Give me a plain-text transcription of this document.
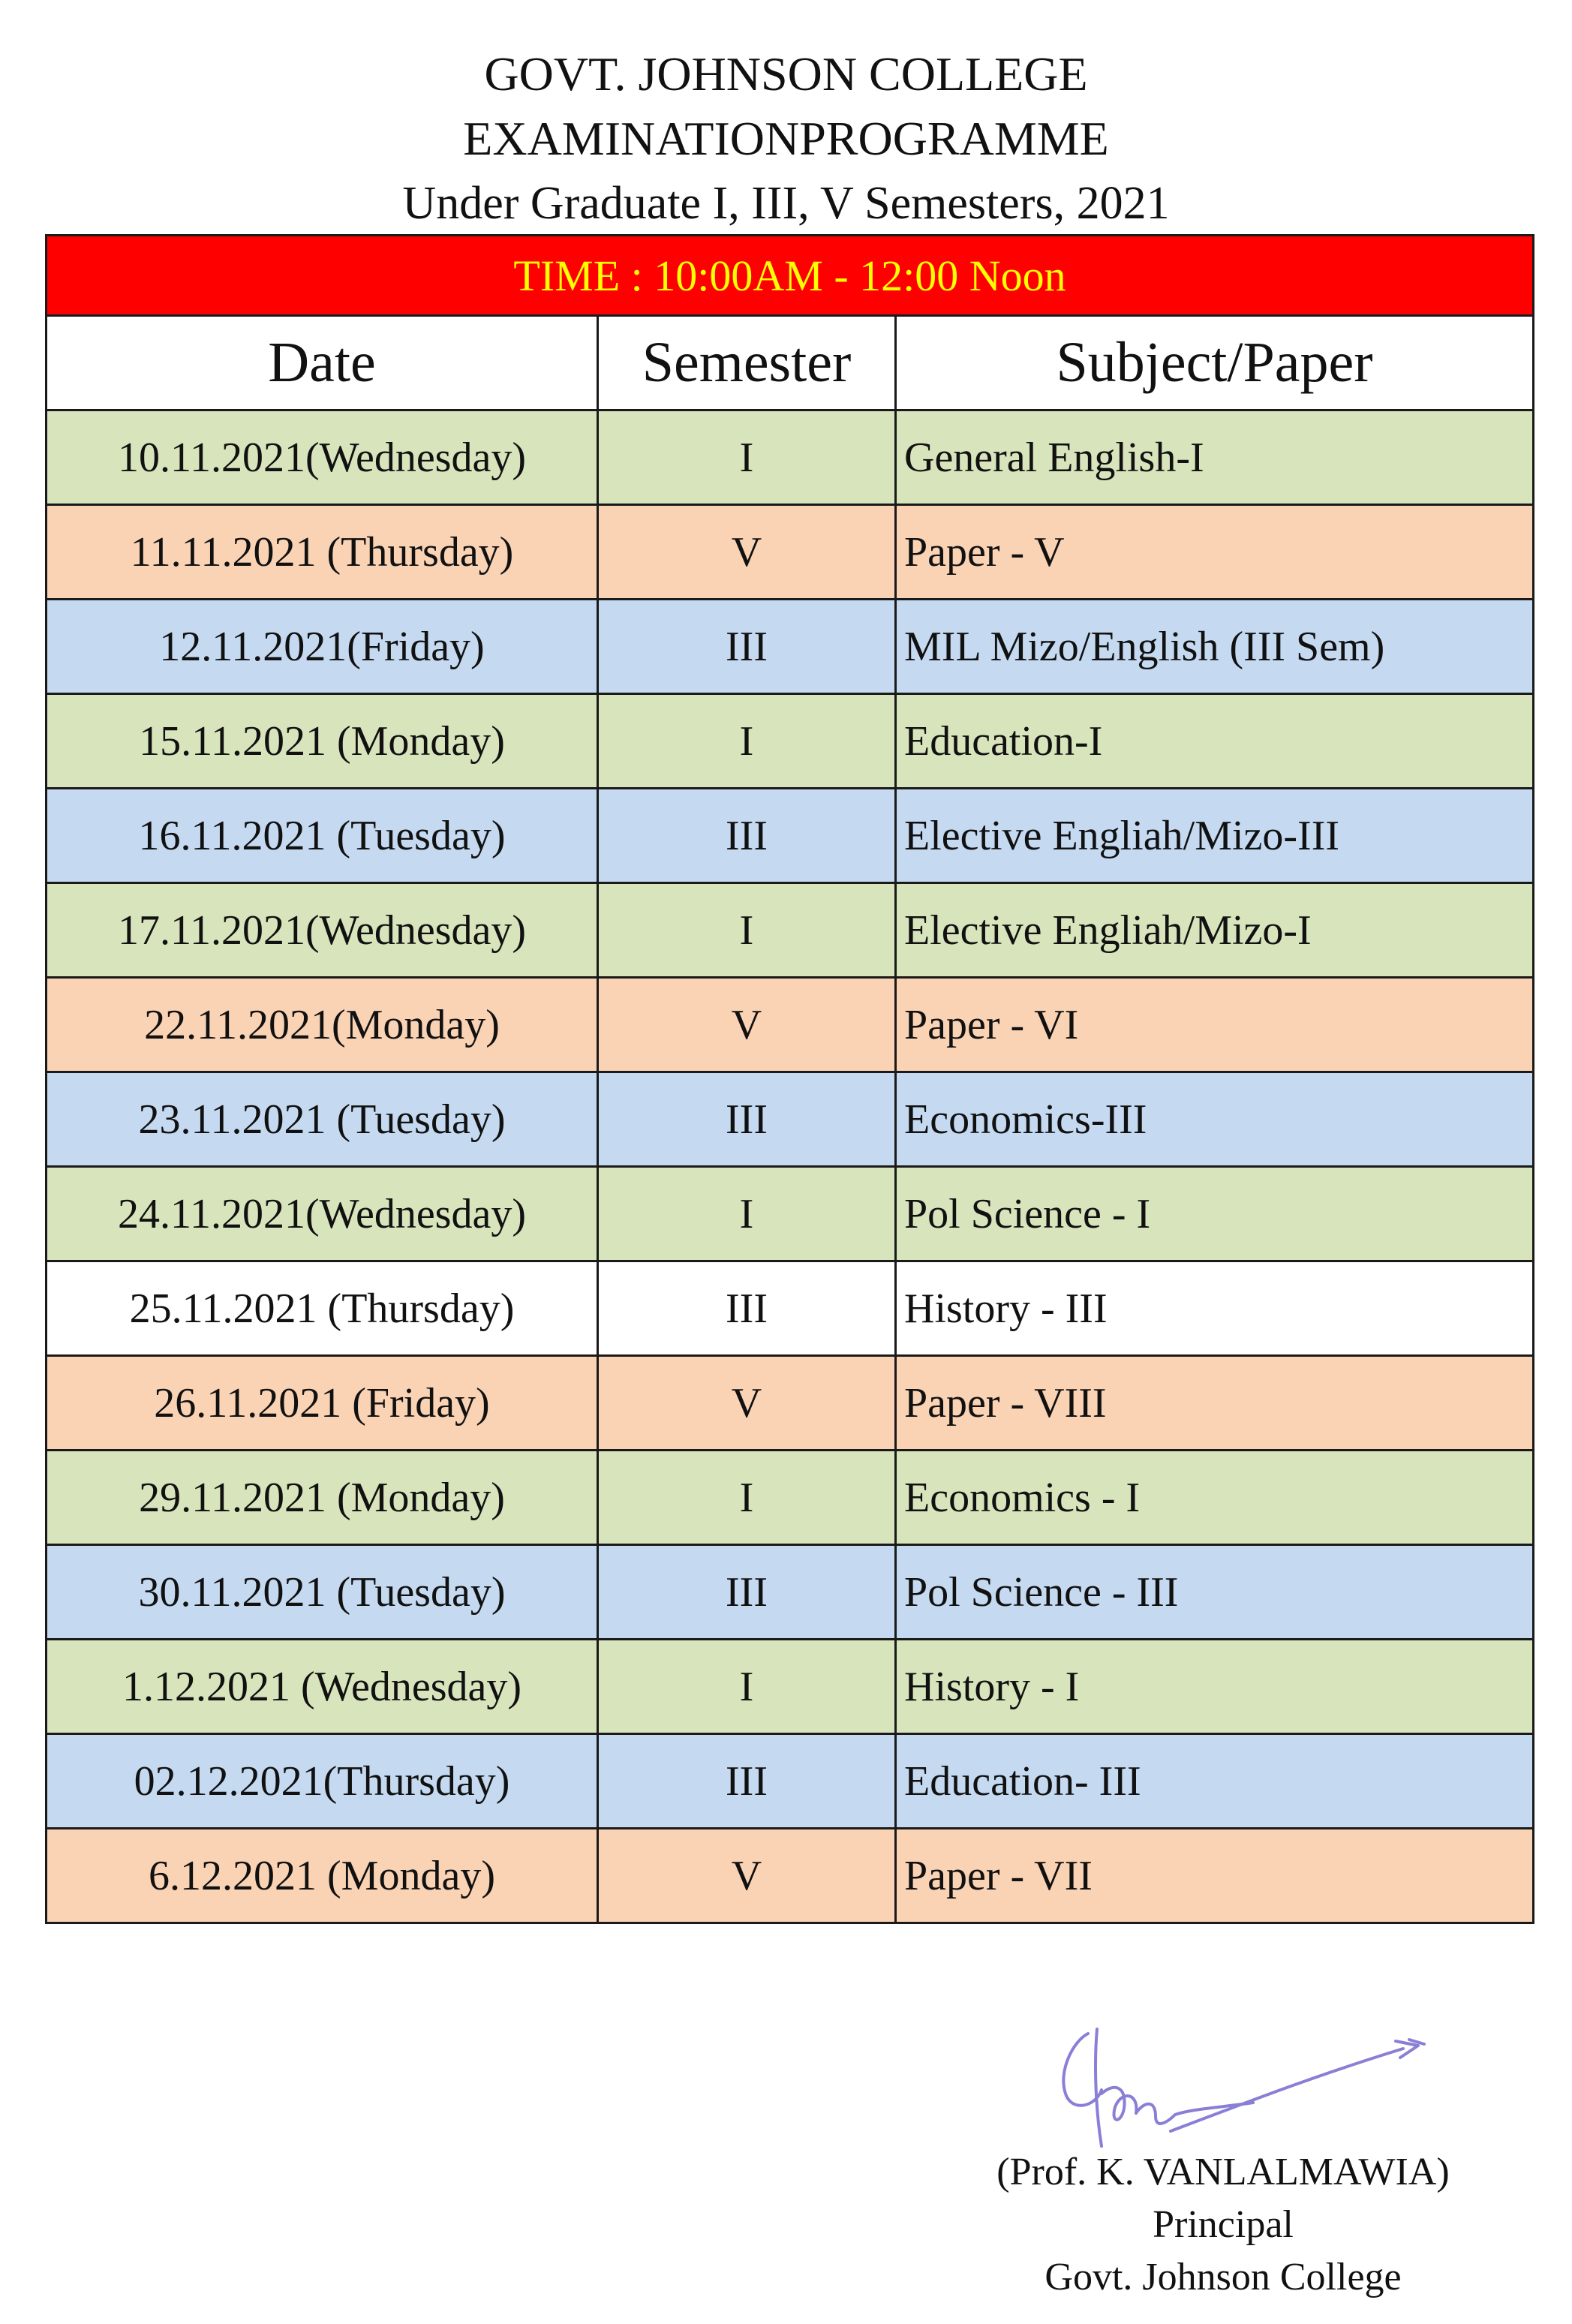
GOVT. JOHNSON COLLEGE
EXAMINATIONPROGRAMME
Under Graduate I, III, V Semesters, 2021
TIME : 10:00AM - 12:00 Noon		
Date	Semester	Subject/Paper
10.11.2021(Wednesday)	I	General English-I
11.11.2021 (Thursday)	V	Paper - V
12.11.2021(Friday)	III	MIL Mizo/English (III Sem)
15.11.2021 (Monday)	I	Education-I
16.11.2021 (Tuesday)	III	Elective Engliah/Mizo-III
17.11.2021(Wednesday)	I	Elective Engliah/Mizo-I
22.11.2021(Monday)	V	Paper - VI
23.11.2021 (Tuesday)	III	Economics-III
24.11.2021(Wednesday)	I	Pol Science - I
25.11.2021 (Thursday)	III	History - III
26.11.2021 (Friday)	V	Paper - VIII
29.11.2021 (Monday)	I	Economics - I
30.11.2021 (Tuesday)	III	Pol Science - III
1.12.2021 (Wednesday)	I	History - I
02.12.2021(Thursday)	III	Education- III
6.12.2021 (Monday)	V	Paper - VII
(Prof. K. VANLALMAWIA)
Principal
Govt. Johnson College
